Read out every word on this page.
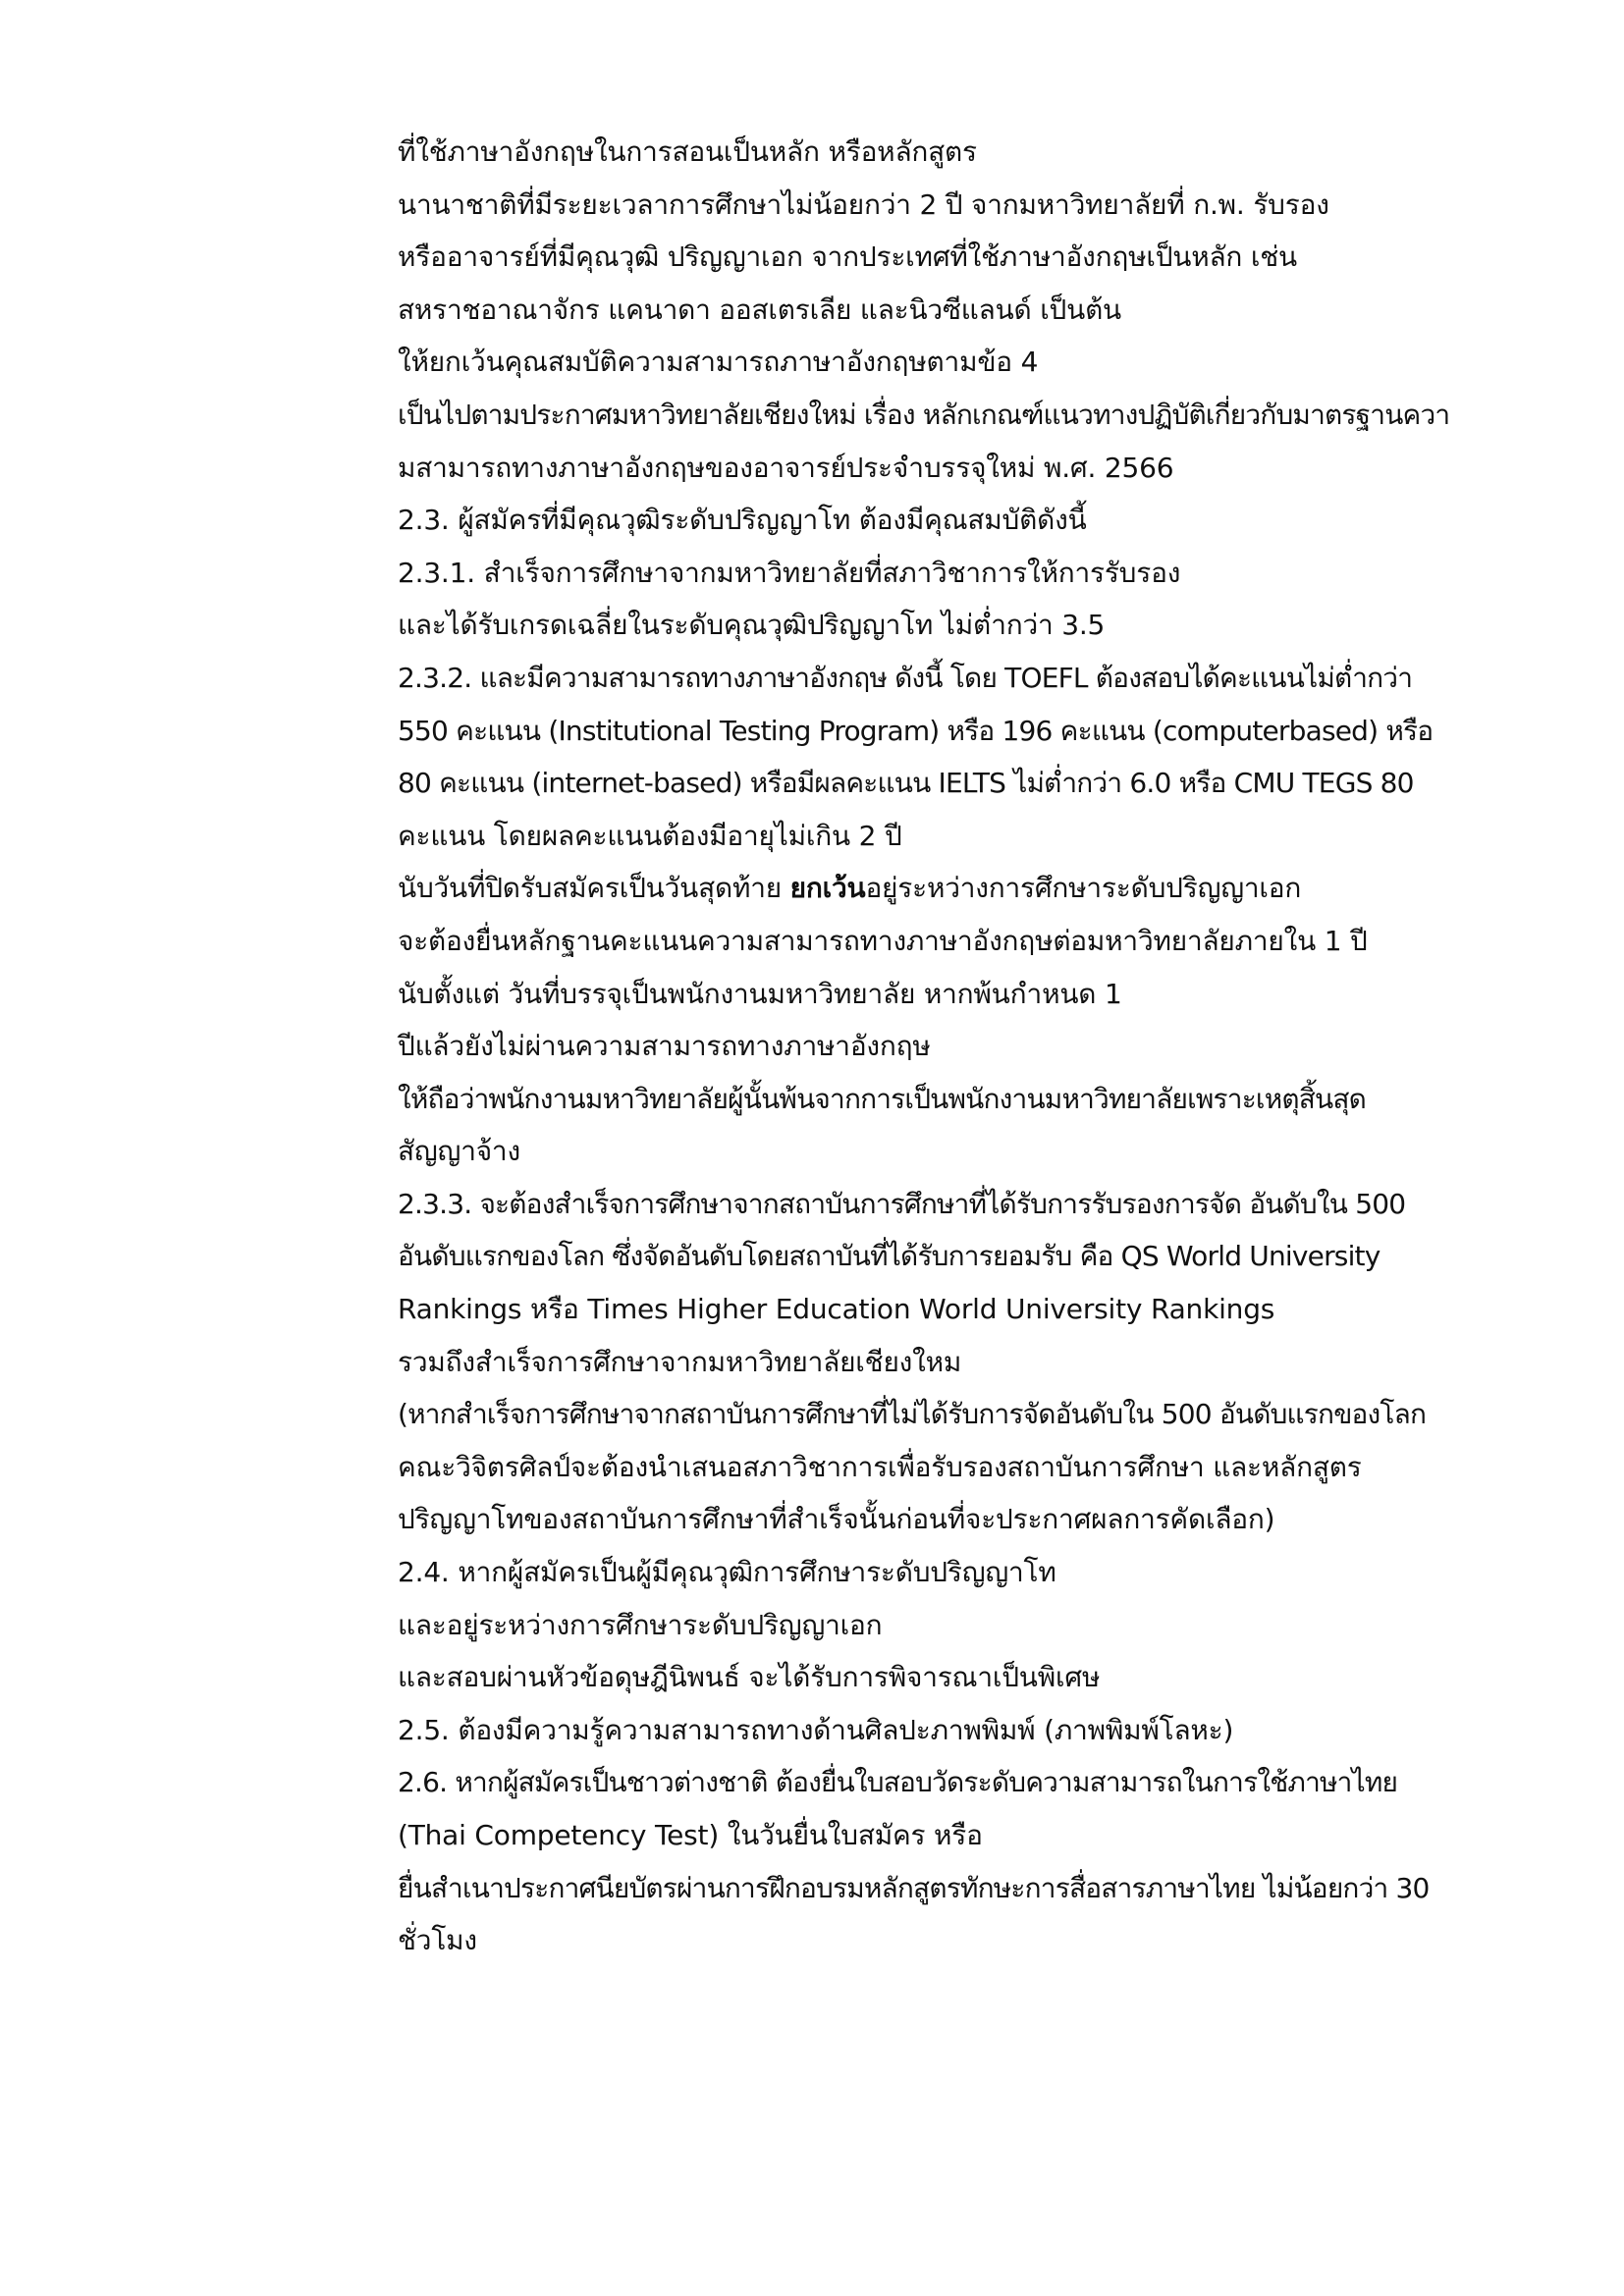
ที่ใช้ภาษาอังกฤษในการสอนเป็นหลัก หรือหลักสูตร
นานาชาติที่มีระยะเวลาการศึกษาไม่น้อยกว่า 2 ปี จากมหาวิทยาลัยที่ ก.พ. รับรอง
หรืออาจารย์ที่มีคุณวุฒิ ปริญญาเอก จากประเทศที่ใช้ภาษาอังกฤษเป็นหลัก เช่น
สหราชอาณาจักร แคนาดา ออสเตรเลีย และนิวซีแลนด์ เป็นต้น
ให้ยกเว้นคุณสมบัติความสามารถภาษาอังกฤษตามข้อ 4
เป็นไปตามประกาศมหาวิทยาลัยเชียงใหม่ เรื่อง หลักเกณฑ์แนวทางปฏิบัติเกี่ยวกับมาตรฐานควา
มสามารถทางภาษาอังกฤษของอาจารย์ประจำบรรจุใหม่ พ.ศ. 2566
2.3. ผู้สมัครที่มีคุณวุฒิระดับปริญญาโท ต้องมีคุณสมบัติดังนี้
2.3.1. สำเร็จการศึกษาจากมหาวิทยาลัยที่สภาวิชาการให้การรับรอง
และได้รับเกรดเฉลี่ยในระดับคุณวุฒิปริญญาโท ไม่ต่ำกว่า 3.5
2.3.2. และมีความสามารถทางภาษาอังกฤษ ดังนี้ โดย TOEFL ต้องสอบได้คะแนนไม่ต่ำกว่า
550 คะแนน (Institutional Testing Program) หรือ 196 คะแนน (computerbased) หรือ
80 คะแนน (internet-based) หรือมีผลคะแนน IELTS ไม่ต่ำกว่า 6.0 หรือ CMU TEGS 80
คะแนน โดยผลคะแนนต้องมีอายุไม่เกิน 2 ปี
นับวันที่ปิดรับสมัครเป็นวันสุดท้าย ยกเว้นอยู่ระหว่างการศึกษาระดับปริญญาเอก
จะต้องยื่นหลักฐานคะแนนความสามารถทางภาษาอังกฤษต่อมหาวิทยาลัยภายใน 1 ปี
นับตั้งแต่ วันที่บรรจุเป็นพนักงานมหาวิทยาลัย หากพ้นกำหนด 1
ปีแล้วยังไม่ผ่านความสามารถทางภาษาอังกฤษ
ให้ถือว่าพนักงานมหาวิทยาลัยผู้นั้นพ้นจากการเป็นพนักงานมหาวิทยาลัยเพราะเหตุสิ้นสุด
สัญญาจ้าง
2.3.3. จะต้องสำเร็จการศึกษาจากสถาบันการศึกษาที่ได้รับการรับรองการจัด อันดับใน 500
อันดับแรกของโลก ซึ่งจัดอันดับโดยสถาบันที่ได้รับการยอมรับ คือ QS World University
Rankings หรือ Times Higher Education World University Rankings
รวมถึงสำเร็จการศึกษาจากมหาวิทยาลัยเชียงใหม
(หากสำเร็จการศึกษาจากสถาบันการศึกษาที่ไม่ได้รับการจัดอันดับใน 500 อันดับแรกของโลก
คณะวิจิตรศิลป์จะต้องนำเสนอสภาวิชาการเพื่อรับรองสถาบันการศึกษา และหลักสูตร
ปริญญาโทของสถาบันการศึกษาที่สำเร็จนั้นก่อนที่จะประกาศผลการคัดเลือก)
2.4. หากผู้สมัครเป็นผู้มีคุณวุฒิการศึกษาระดับปริญญาโท
และอยู่ระหว่างการศึกษาระดับปริญญาเอก
และสอบผ่านหัวข้อดุษฎีนิพนธ์ จะได้รับการพิจารณาเป็นพิเศษ
2.5. ต้องมีความรู้ความสามารถทางด้านศิลปะภาพพิมพ์ (ภาพพิมพ์โลหะ)
2.6. หากผู้สมัครเป็นชาวต่างชาติ ต้องยื่นใบสอบวัดระดับความสามารถในการใช้ภาษาไทย
(Thai Competency Test) ในวันยื่นใบสมัคร หรือ
ยื่นสำเนาประกาศนียบัตรผ่านการฝึกอบรมหลักสูตรทักษะการสื่อสารภาษาไทย ไม่น้อยกว่า 30
ชั่วโมง
